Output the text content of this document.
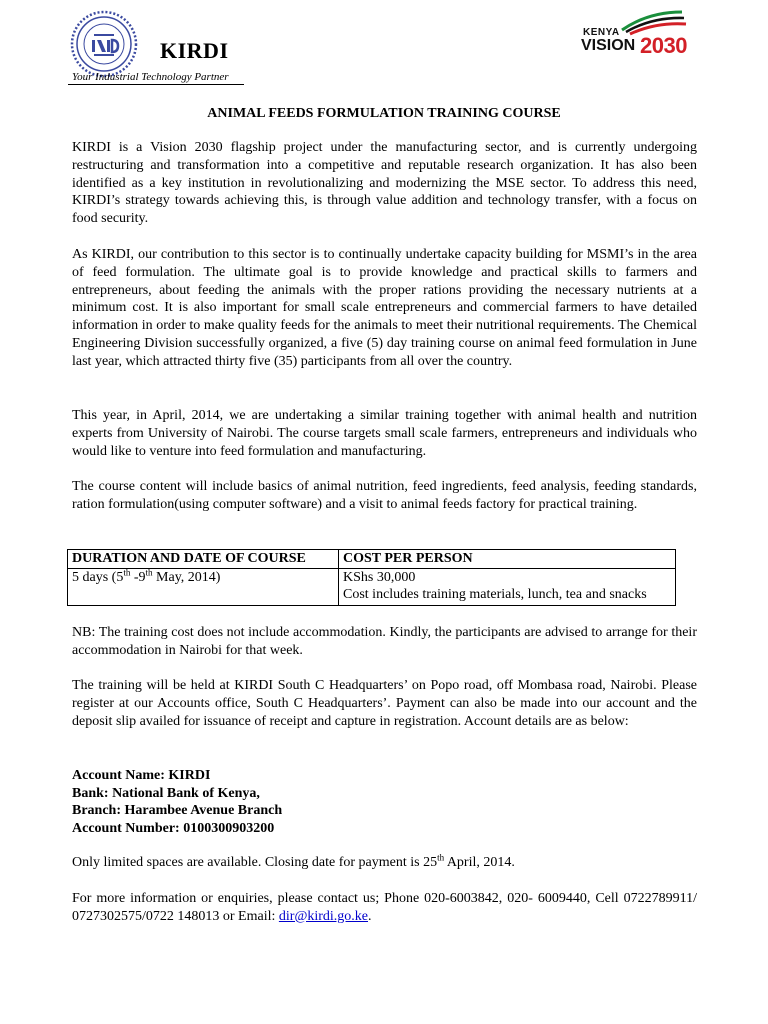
KIRDI
Your Industrial Technology Partner
KENYA
VISION 2030
ANIMAL FEEDS FORMULATION TRAINING COURSE

KIRDI is a Vision 2030 flagship project under the manufacturing sector, and is currently undergoing restructuring and transformation into a competitive and reputable research organization. It has also been identified as a key institution in revolutionalizing and modernizing the MSE sector. To address this need, KIRDI’s strategy towards achieving this, is through value addition and technology transfer, with a focus on food security.

As KIRDI, our contribution to this sector is to continually undertake capacity building for MSMI’s in the area of feed formulation. The ultimate goal is to provide knowledge and practical skills to farmers and entrepreneurs, about feeding the animals with the proper rations providing the necessary nutrients at a minimum cost. It is also important for small scale entrepreneurs and commercial farmers to have detailed information in order to make quality feeds for the animals to meet their nutritional requirements. The Chemical Engineering Division successfully organized, a five (5) day training course on animal feed formulation in June last year, which attracted thirty five (35) participants from all over the country.

This year, in April, 2014, we are undertaking a similar training together with animal health and nutrition experts from University of Nairobi. The course targets small scale farmers, entrepreneurs and individuals who would like to venture into feed formulation and manufacturing.

The course content will include basics of animal nutrition, feed ingredients, feed analysis, feeding standards, ration formulation(using computer software) and a visit to animal feeds factory for practical training.

DURATION AND DATE OF COURSE	COST PER PERSON
5 days (5th -9th May, 2014)	KShs 30,000
Cost includes training materials, lunch, tea and snacks

NB: The training cost does not include accommodation. Kindly, the participants are advised to arrange for their accommodation in Nairobi for that week.

The training will be held at KIRDI South C Headquarters’ on Popo road, off Mombasa road, Nairobi. Please register at our Accounts office, South C Headquarters’. Payment can also be made into our account and the deposit slip availed for issuance of receipt and capture in registration. Account details are as below:

Account Name: KIRDI
Bank: National Bank of Kenya,
Branch: Harambee Avenue Branch
Account Number: 0100300903200

Only limited spaces are available. Closing date for payment is 25th April, 2014.

For more information or enquiries, please contact us; Phone 020-6003842, 020- 6009440, Cell 0722789911/ 0727302575/0722 148013 or Email: dir@kirdi.go.ke.
